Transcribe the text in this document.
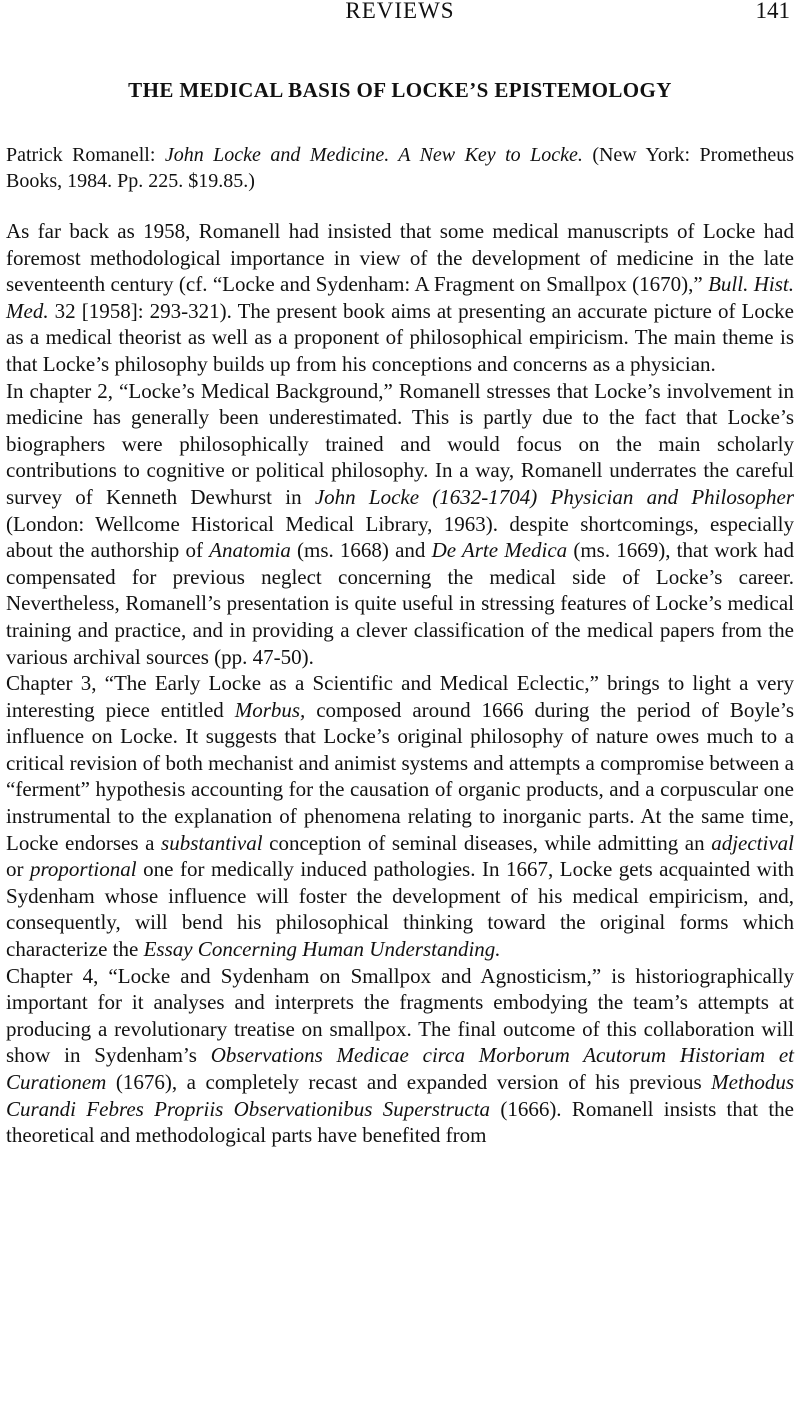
REVIEWS	141
THE MEDICAL BASIS OF LOCKE’S EPISTEMOLOGY
Patrick Romanell: John Locke and Medicine. A New Key to Locke. (New York: Prometheus Books, 1984. Pp. 225. $19.85.)

As far back as 1958, Romanell had insisted that some medical manuscripts of Locke had foremost methodological importance in view of the development of medicine in the late seventeenth century (cf. “Locke and Sydenham: A Fragment on Smallpox (1670),” Bull. Hist. Med. 32 [1958]: 293-321). The present book aims at presenting an accurate picture of Locke as a medical theorist as well as a proponent of philosophical empiricism. The main theme is that Locke’s philosophy builds up from his conceptions and concerns as a physician.

In chapter 2, “Locke’s Medical Background,” Romanell stresses that Locke’s involvement in medicine has generally been underestimated. This is partly due to the fact that Locke’s biographers were philosophically trained and would focus on the main scholarly contributions to cognitive or political philosophy. In a way, Romanell underrates the careful survey of Kenneth Dewhurst in John Locke (1632-1704) Physician and Philosopher (London: Wellcome Historical Medical Library, 1963). despite shortcomings, especially about the authorship of Anatomia (ms. 1668) and De Arte Medica (ms. 1669), that work had compensated for previous neglect concerning the medical side of Locke’s career. Nevertheless, Romanell’s presentation is quite useful in stressing features of Locke’s medical training and practice, and in providing a clever classification of the medical papers from the various archival sources (pp. 47-50).

Chapter 3, “The Early Locke as a Scientific and Medical Eclectic,” brings to light a very interesting piece entitled Morbus, composed around 1666 during the period of Boyle’s influence on Locke. It suggests that Locke’s original philosophy of nature owes much to a critical revision of both mechanist and animist systems and attempts a compromise between a “ferment” hypothesis accounting for the causation of organic products, and a corpuscular one instrumental to the explanation of phenomena relating to inorganic parts. At the same time, Locke endorses a substantival conception of seminal diseases, while admitting an adjectival or proportional one for medically induced pathologies. In 1667, Locke gets acquainted with Sydenham whose influence will foster the development of his medical empiricism, and, consequently, will bend his philosophical thinking toward the original forms which characterize the Essay Concerning Human Understanding.

Chapter 4, “Locke and Sydenham on Smallpox and Agnosticism,” is historiographically important for it analyses and interprets the fragments embodying the team’s attempts at producing a revolutionary treatise on smallpox. The final outcome of this collaboration will show in Sydenham’s Observations Medicae circa Morborum Acutorum Historiam et Curationem (1676), a completely recast and expanded version of his previous Methodus Curandi Febres Propriis Observationibus Superstructa (1666). Romanell insists that the theoretical and methodological parts have benefited from
